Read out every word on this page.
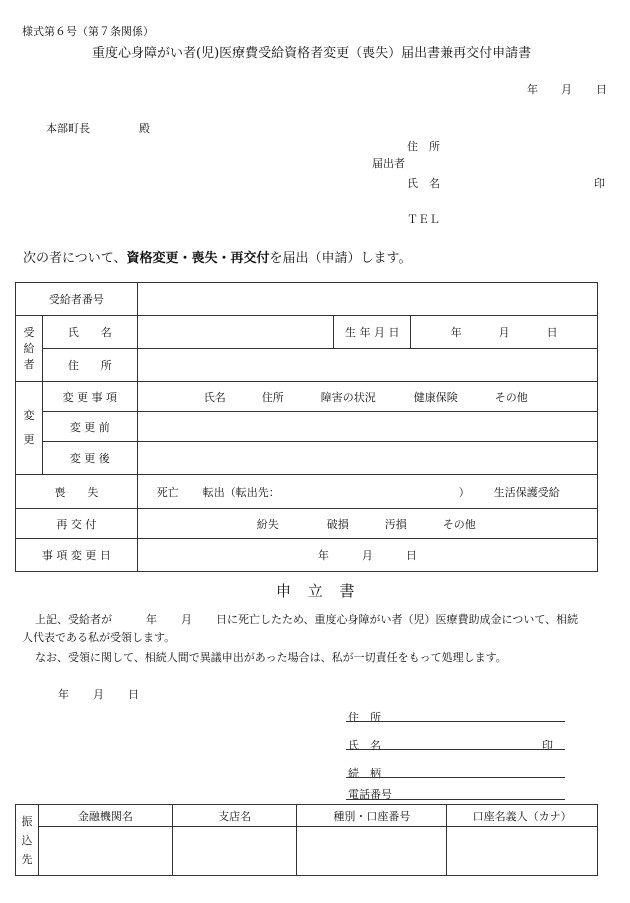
様式第６号（第７条関係）
重度心身障がい者(児)医療費受給資格者変更（喪失）届出書兼再交付申請書
年 月 日
本部町長	殿
住　所
届出者
氏　名	印
ＴＥＬ
次の者について、資格変更・喪失・再交付を届出（申請）します。
受給者番号				

受
給
者	氏　　名		生 年 月 日	年 月 日
	住　　所			

変
更	変 更 事 項	氏名 住所 障害の状況 健康保険 その他		
	変 更 前			
	変 更 後			
喪　　失		死亡 転出（転出先： ） 生活保護受給		
再 交 付		紛失 破損 汚損 その他		
事 項 変 更 日		年 月 日		
申 立 書
上記、受給者が	年 月 日に死亡したため、重度心身障がい者（児）医療費助成金について、相続
人代表である私が受領します。
なお、受領に関して、相続人間で異議申出があった場合は、私が一切責任をもって処理します。
年 月 日
住　所
氏　名	印
続　柄
電話番号
振
込
先	金融機関名	支店名	種別・口座番号	口座名義人（カナ）
